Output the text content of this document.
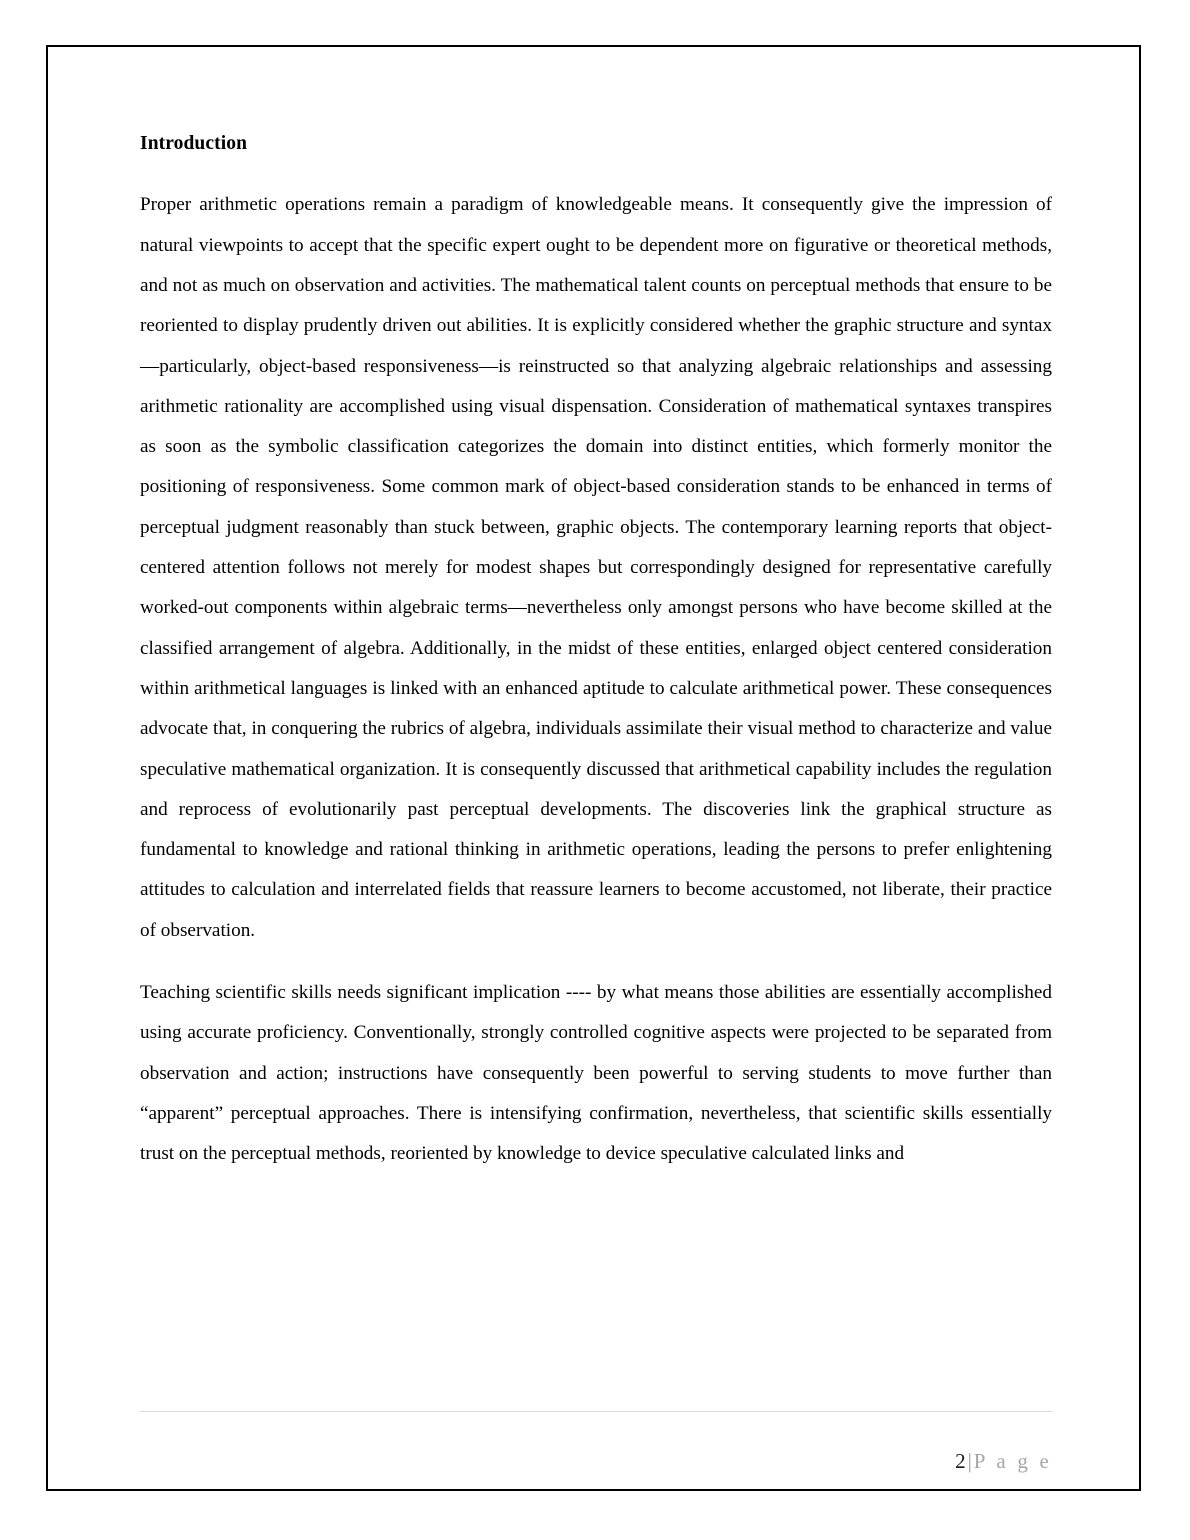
Introduction

Proper arithmetic operations remain a paradigm of knowledgeable means. It consequently give the impression of natural viewpoints to accept that the specific expert ought to be dependent more on figurative or theoretical methods, and not as much on observation and activities. The mathematical talent counts on perceptual methods that ensure to be reoriented to display prudently driven out abilities. It is explicitly considered whether the graphic structure and syntax—particularly, object-based responsiveness—is reinstructed so that analyzing algebraic relationships and assessing arithmetic rationality are accomplished using visual dispensation. Consideration of mathematical syntaxes transpires as soon as the symbolic classification categorizes the domain into distinct entities, which formerly monitor the positioning of responsiveness. Some common mark of object-based consideration stands to be enhanced in terms of perceptual judgment reasonably than stuck between, graphic objects. The contemporary learning reports that object-centered attention follows not merely for modest shapes but correspondingly designed for representative carefully worked-out components within algebraic terms—nevertheless only amongst persons who have become skilled at the classified arrangement of algebra. Additionally, in the midst of these entities, enlarged object centered consideration within arithmetical languages is linked with an enhanced aptitude to calculate arithmetical power. These consequences advocate that, in conquering the rubrics of algebra, individuals assimilate their visual method to characterize and value speculative mathematical organization. It is consequently discussed that arithmetical capability includes the regulation and reprocess of evolutionarily past perceptual developments. The discoveries link the graphical structure as fundamental to knowledge and rational thinking in arithmetic operations, leading the persons to prefer enlightening attitudes to calculation and interrelated fields that reassure learners to become accustomed, not liberate, their practice of observation.

Teaching scientific skills needs significant implication ---- by what means those abilities are essentially accomplished using accurate proficiency. Conventionally, strongly controlled cognitive aspects were projected to be separated from observation and action; instructions have consequently been powerful to serving students to move further than “apparent” perceptual approaches. There is intensifying confirmation, nevertheless, that scientific skills essentially trust on the perceptual methods, reoriented by knowledge to device speculative calculated links and

2|P a g e
